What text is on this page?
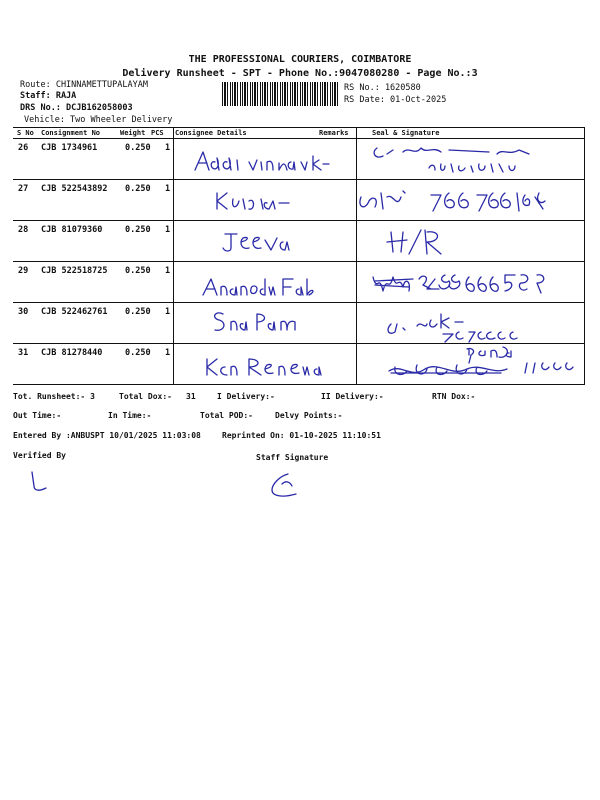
THE PROFESSIONAL COURIERS, COIMBATORE
Delivery Runsheet - SPT - Phone No.:9047080280 - Page No.:3
Route: CHINNAMETTUPALAYAM
Staff: RAJA
DRS No.: DCJB162058003
Vehicle: Two Wheeler Delivery
RS No.: 1620580
RS Date: 01-Oct-2025
S No Consignment No	Weight PCS Consignee Details	Remarks	Seal & Signature
26 CJB 1734961	0.250 1
27 CJB 522543892 0.250 1
28 CJB 81079360	0.250 1
29 CJB 522518725 0.250 1
30 CJB 522462761 0.250 1
31 CJB 81278440	0.250 1
Tot. Runsheet:- 3	Total Dox:- 31	I Delivery:-	II Delivery:-	RTN Dox:-
Out Time:-	In Time:-	Total POD:-	Delvy Points:-
Entered By :ANBUSPT 10/01/2025 11:03:08	Reprinted On: 01-10-2025 11:10:51
Verified By	Staff Signature
